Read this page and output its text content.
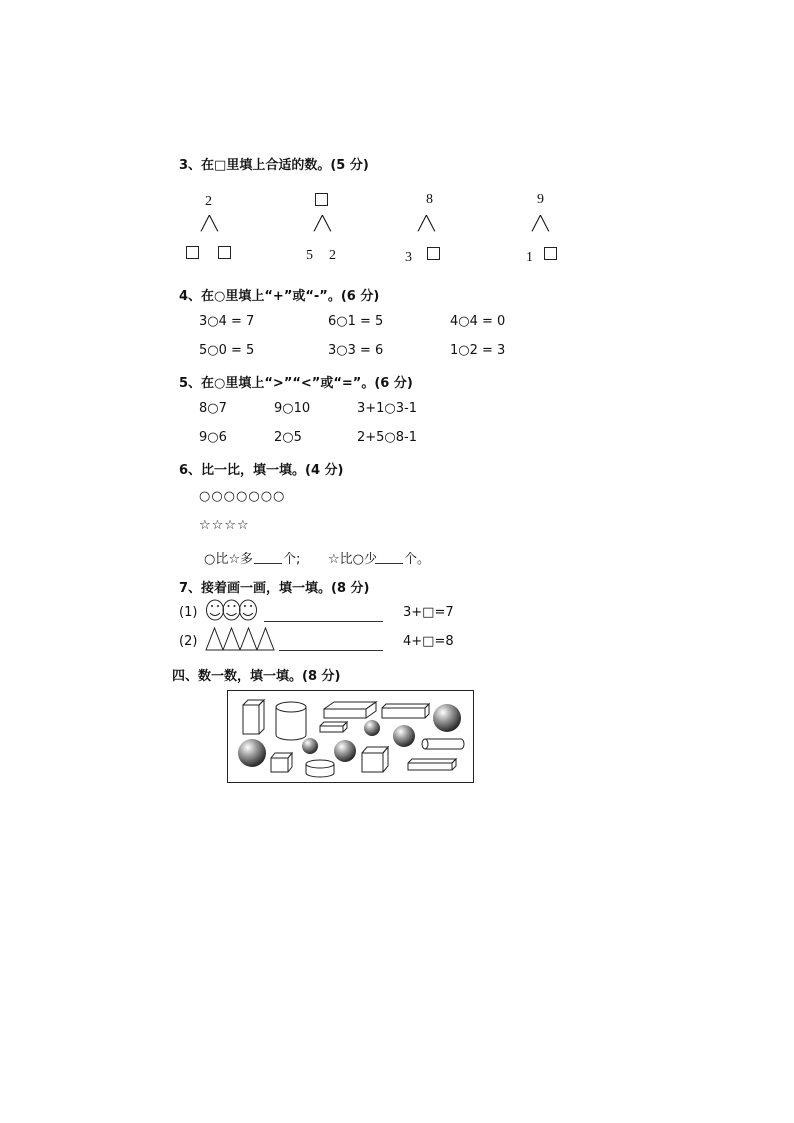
3、在□里填上合适的数。(5 分)
2
╱╲	╱╲
5 2
8
╱╲
3
9
╱╲
1
4、在○里填上“+”或“-”。(6 分)
3○4 = 7	6○1 = 5	4○4 = 0
5○0 = 5	3○3 = 6	1○2 = 3
5、在○里填上“>”“<”或“=”。(6 分)
8○7	9○10	3+1○3-1
9○6	2○5	2+5○8-1
6、比一比，填一填。(4 分)
○○○○○○○
☆☆☆☆
○比☆多 个; ☆比○少 个。
7、接着画一画，填一填。(8 分)
(1)	3+□=7
(2)	4+□=8
四、数一数，填一填。(8 分)
